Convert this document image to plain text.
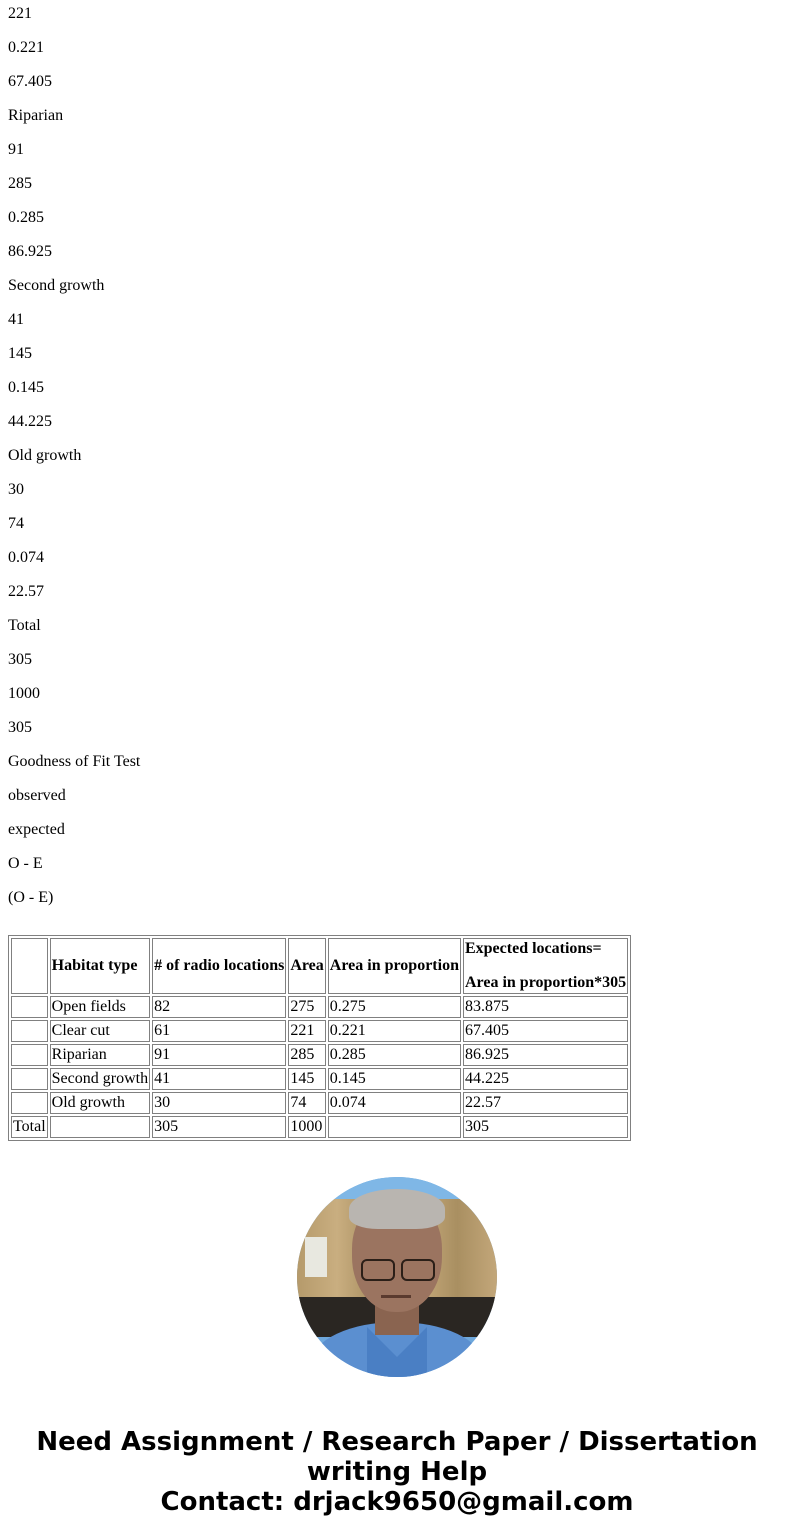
221

0.221

67.405

Riparian

91

285

0.285

86.925

Second growth

41

145

0.145

44.225

Old growth

30

74

0.074

22.57

Total

305

1000

305

Goodness of Fit Test

observed

expected

O - E

(O - E)

	Habitat type	# of radio locations	Area	Area in proportion	Expected locations=
Area in proportion*305

	Open fields	82	275	0.275	83.875
	Clear cut	61	221	0.221	67.405
	Riparian	91	285	0.285	86.925
	Second growth	41	145	0.145	44.225
	Old growth	30	74	0.074	22.57
Total		305	1000		305
Need Assignment / Research Paper / Dissertation
writing Help
Contact: drjack9650@gmail.com
